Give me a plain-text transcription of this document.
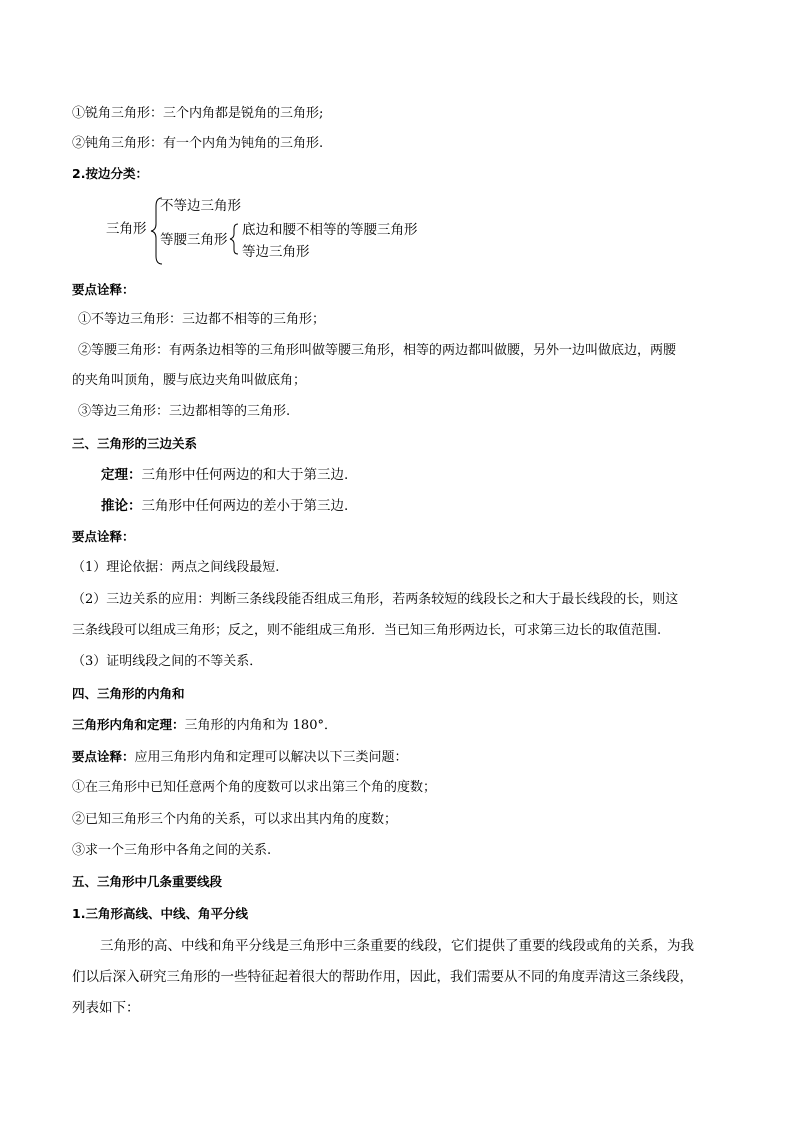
①锐角三角形：三个内角都是锐角的三角形;
②钝角三角形：有一个内角为钝角的三角形.
2.按边分类：
三角形
不等边三角形
等腰三角形
底边和腰不相等的等腰三角形
等边三角形
要点诠释：
①不等边三角形：三边都不相等的三角形；
②等腰三角形：有两条边相等的三角形叫做等腰三角形，相等的两边都叫做腰，另外一边叫做底边，两腰
的夹角叫顶角，腰与底边夹角叫做底角；
③等边三角形：三边都相等的三角形.
三、三角形的三边关系
定理：三角形中任何两边的和大于第三边.
推论：三角形中任何两边的差小于第三边.
要点诠释：
（1）理论依据：两点之间线段最短.
（2）三边关系的应用：判断三条线段能否组成三角形，若两条较短的线段长之和大于最长线段的长，则这
三条线段可以组成三角形；反之，则不能组成三角形．当已知三角形两边长，可求第三边长的取值范围.
（3）证明线段之间的不等关系．
四、三角形的内角和
三角形内角和定理：三角形的内角和为 180°．
要点诠释：应用三角形内角和定理可以解决以下三类问题：
①在三角形中已知任意两个角的度数可以求出第三个角的度数；
②已知三角形三个内角的关系，可以求出其内角的度数；
③求一个三角形中各角之间的关系.
五、三角形中几条重要线段
1.三角形高线、中线、角平分线
三角形的高、中线和角平分线是三角形中三条重要的线段，它们提供了重要的线段或角的关系，为我
们以后深入研究三角形的一些特征起着很大的帮助作用，因此，我们需要从不同的角度弄清这三条线段，
列表如下：
